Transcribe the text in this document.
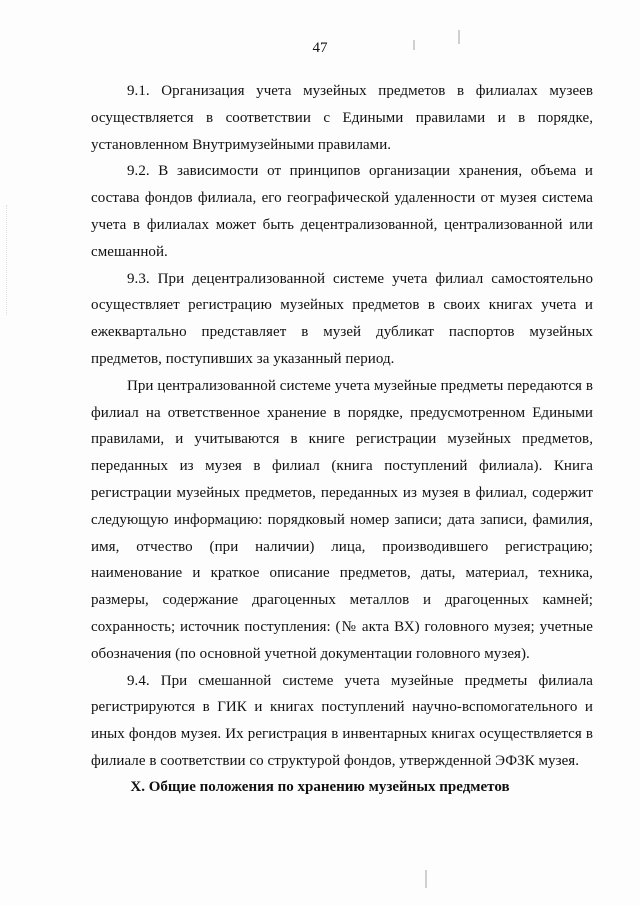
47

9.1. Организация учета музейных предметов в филиалах музеев осуществляется в соответствии с Едиными правилами и в порядке, установленном Внутримузейными правилами.

9.2. В зависимости от принципов организации хранения, объема и состава фондов филиала, его географической удаленности от музея система учета в филиалах может быть децентрализованной, централизованной или смешанной.

9.3. При децентрализованной системе учета филиал самостоятельно осуществляет регистрацию музейных предметов в своих книгах учета и ежеквартально представляет в музей дубликат паспортов музейных предметов, поступивших за указанный период.

При централизованной системе учета музейные предметы передаются в филиал на ответственное хранение в порядке, предусмотренном Едиными правилами, и учитываются в книге регистрации музейных предметов, переданных из музея в филиал (книга поступлений филиала). Книга регистрации музейных предметов, переданных из музея в филиал, содержит следующую информацию: порядковый номер записи; дата записи, фамилия, имя, отчество (при наличии) лица, производившего регистрацию; наименование и краткое описание предметов, даты, материал, техника, размеры, содержание драгоценных металлов и драгоценных камней; сохранность; источник поступления: (№ акта ВХ) головного музея; учетные обозначения (по основной учетной документации головного музея).

9.4. При смешанной системе учета музейные предметы филиала регистрируются в ГИК и книгах поступлений научно-вспомогательного и иных фондов музея. Их регистрация в инвентарных книгах осуществляется в филиале в соответствии со структурой фондов, утвержденной ЭФЗК музея.

X. Общие положения по хранению музейных предметов
